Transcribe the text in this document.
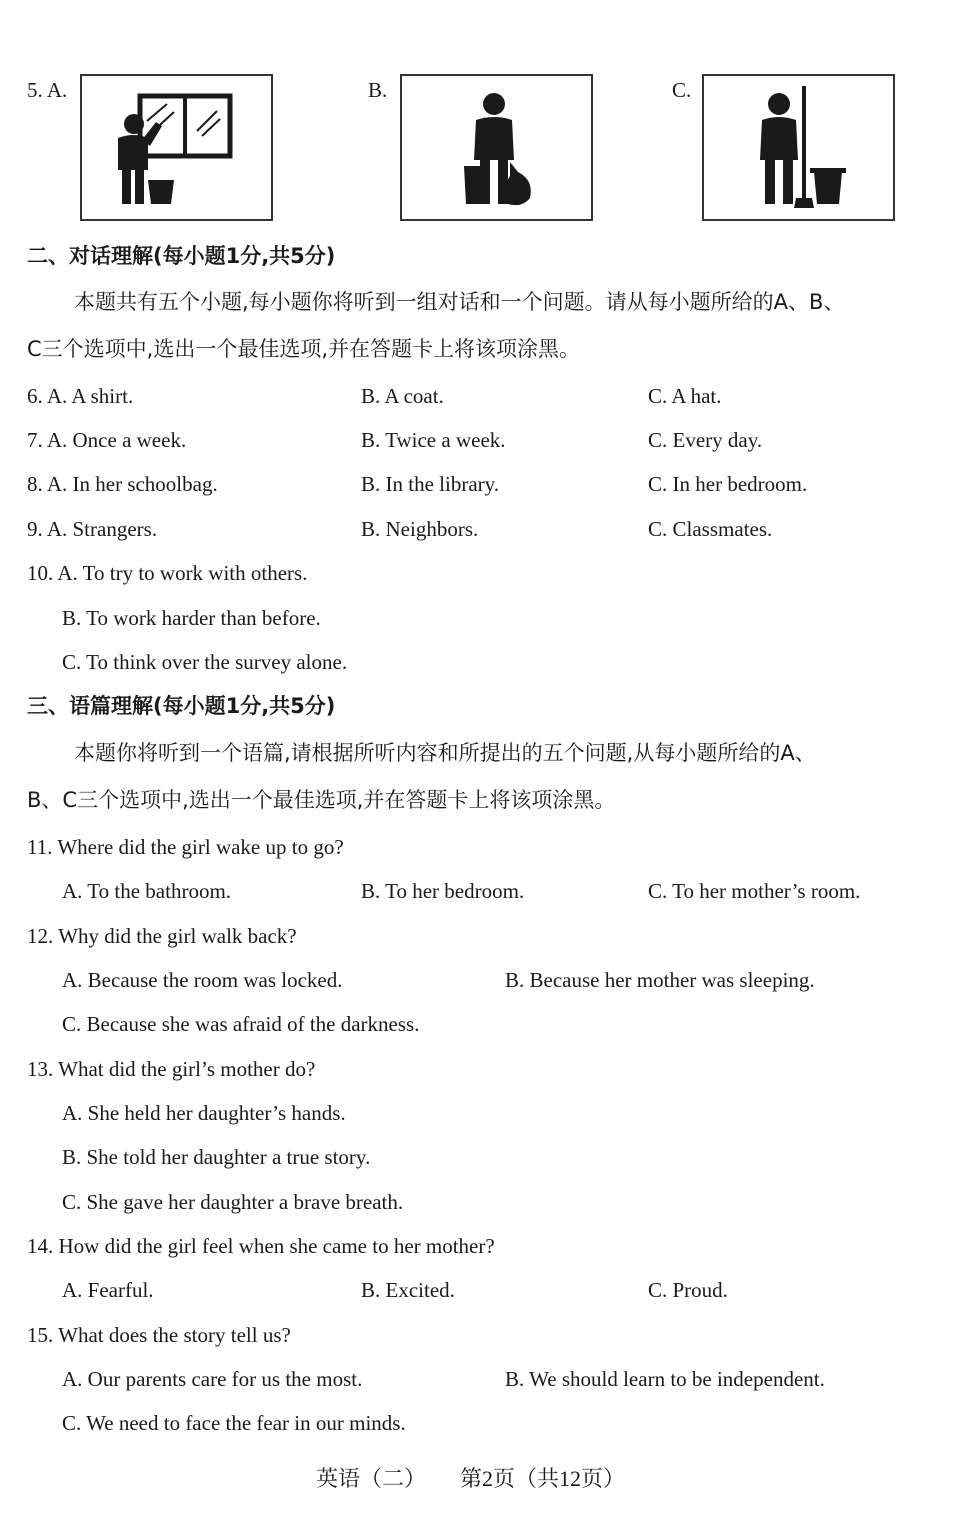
5. A.	B.	C.
二、对话理解(每小题1分,共5分)
本题共有五个小题,每小题你将听到一组对话和一个问题。请从每小题所给的A、B、
C三个选项中,选出一个最佳选项,并在答题卡上将该项涂黑。
6. A. A shirt.	B. A coat.	C. A hat.
7. A. Once a week.	B. Twice a week.	C. Every day.
8. A. In her schoolbag.	B. In the library.	C. In her bedroom.
9. A. Strangers.	B. Neighbors.	C. Classmates.
10. A. To try to work with others.
B. To work harder than before.
C. To think over the survey alone.
三、语篇理解(每小题1分,共5分)
本题你将听到一个语篇,请根据所听内容和所提出的五个问题,从每小题所给的A、
B、C三个选项中,选出一个最佳选项,并在答题卡上将该项涂黑。
11. Where did the girl wake up to go?
A. To the bathroom.	B. To her bedroom.	C. To her mother’s room.
12. Why did the girl walk back?
A. Because the room was locked.	B. Because her mother was sleeping.
C. Because she was afraid of the darkness.
13. What did the girl’s mother do?
A. She held her daughter’s hands.
B. She told her daughter a true story.
C. She gave her daughter a brave breath.
14. How did the girl feel when she came to her mother?
A. Fearful.	B. Excited.	C. Proud.
15. What does the story tell us?
A. Our parents care for us the most.	B. We should learn to be independent.
C. We need to face the fear in our minds.
英语（二） 第2页（共12页）
